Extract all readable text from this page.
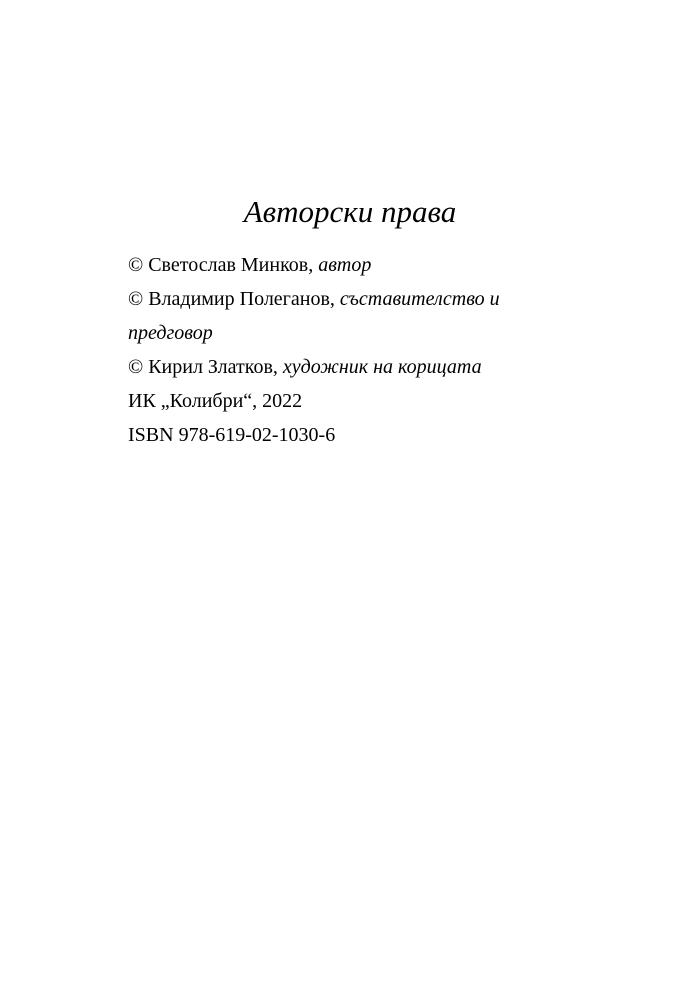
Авторски права
© Светослав Минков, автор
© Владимир Полеганов, съставителство и предговор
© Кирил Златков, художник на корицата
ИК „Колибри“, 2022
ISBN 978-619-02-1030-6
